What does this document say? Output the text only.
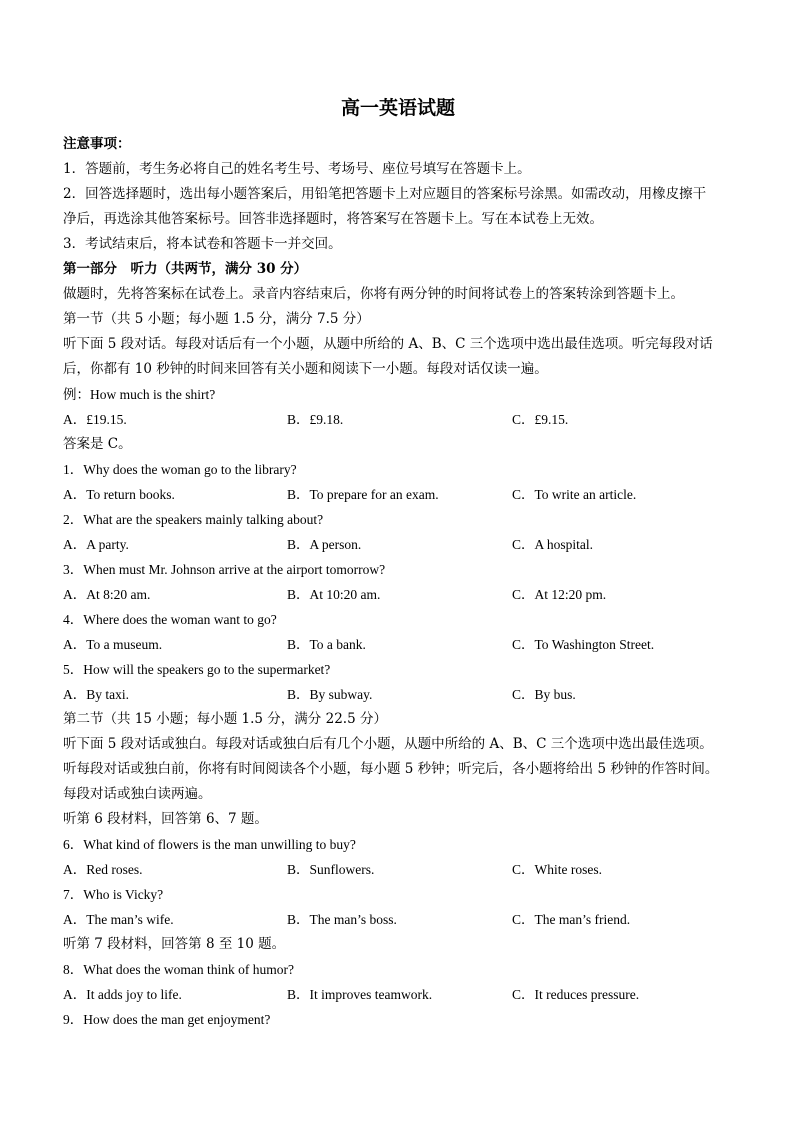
高一英语试题
注意事项：
1．答题前，考生务必将自己的姓名考生号、考场号、座位号填写在答题卡上。
2．回答选择题时，选出每小题答案后，用铅笔把答题卡上对应题目的答案标号涂黑。如需改动，用橡皮擦干
净后，再选涂其他答案标号。回答非选择题时，将答案写在答题卡上。写在本试卷上无效。
3．考试结束后，将本试卷和答题卡一并交回。
第一部分　听力（共两节，满分 30 分）
做题时，先将答案标在试卷上。录音内容结束后，你将有两分钟的时间将试卷上的答案转涂到答题卡上。
第一节（共 5 小题；每小题 1.5 分，满分 7.5 分）
听下面 5 段对话。每段对话后有一个小题，从题中所给的 A、B、C 三个选项中选出最佳选项。听完每段对话
后，你都有 10 秒钟的时间来回答有关小题和阅读下一小题。每段对话仅读一遍。
例：How much is the shirt?
A．£19.15.	B．£9.18.	C．£9.15.
答案是 C。
1．Why does the woman go to the library?
A．To return books.	B．To prepare for an exam.	C．To write an article.
2．What are the speakers mainly talking about?
A．A party.	B．A person.	C．A hospital.
3．When must Mr. Johnson arrive at the airport tomorrow?
A．At 8:20 am.	B．At 10:20 am.	C．At 12:20 pm.
4．Where does the woman want to go?
A．To a museum.	B．To a bank.	C．To Washington Street.
5．How will the speakers go to the supermarket?
A．By taxi.	B．By subway.	C．By bus.
第二节（共 15 小题；每小题 1.5 分，满分 22.5 分）
听下面 5 段对话或独白。每段对话或独白后有几个小题，从题中所给的 A、B、C 三个选项中选出最佳选项。
听每段对话或独白前，你将有时间阅读各个小题，每小题 5 秒钟；听完后，各小题将给出 5 秒钟的作答时间。
每段对话或独白读两遍。
听第 6 段材料，回答第 6、7 题。
6．What kind of flowers is the man unwilling to buy?
A．Red roses.	B．Sunflowers.	C．White roses.
7．Who is Vicky?
A．The man’s wife.	B．The man’s boss.	C．The man’s friend.
听第 7 段材料，回答第 8 至 10 题。
8．What does the woman think of humor?
A．It adds joy to life.	B．It improves teamwork.	C．It reduces pressure.
9．How does the man get enjoyment?
